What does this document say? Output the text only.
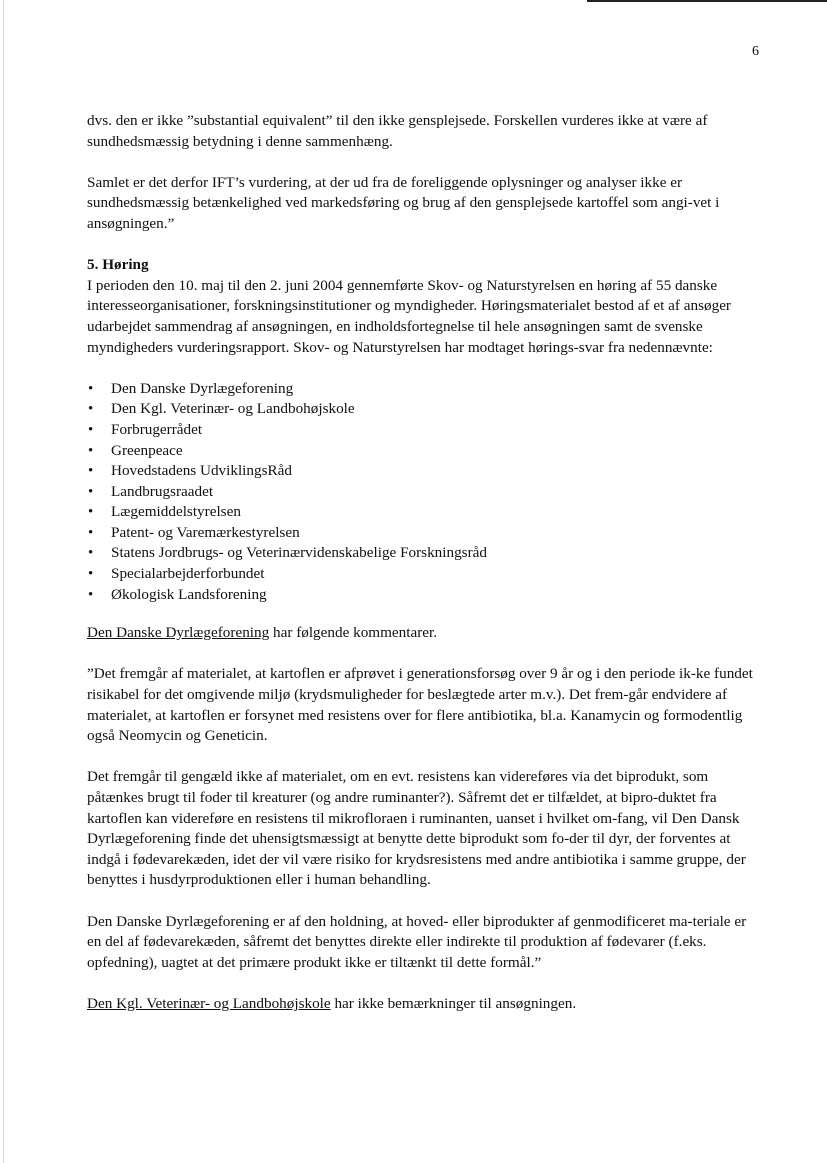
6

dvs. den er ikke ”substantial equivalent” til den ikke gensplejsede. Forskellen vurderes ikke at være af sundhedsmæssig betydning i denne sammenhæng.

Samlet er det derfor IFT’s vurdering, at der ud fra de foreliggende oplysninger og analyser ikke er sundhedsmæssig betænkelighed ved markedsføring og brug af den gensplejsede kartoffel som angi-vet i ansøgningen.”

5. Høring

I perioden den 10. maj til den 2. juni 2004 gennemførte Skov- og Naturstyrelsen en høring af 55 danske interesseorganisationer, forskningsinstitutioner og myndigheder. Høringsmaterialet bestod af et af ansøger udarbejdet sammendrag af ansøgningen, en indholdsfortegnelse til hele ansøgningen samt de svenske myndigheders vurderingsrapport. Skov- og Naturstyrelsen har modtaget hørings-svar fra nedennævnte:

• Den Danske Dyrlægeforening
• Den Kgl. Veterinær- og Landbohøjskole
• Forbrugerrådet
• Greenpeace
• Hovedstadens UdviklingsRåd
• Landbrugsraadet
• Lægemiddelstyrelsen
• Patent- og Varemærkestyrelsen
• Statens Jordbrugs- og Veterinærvidenskabelige Forskningsråd
• Specialarbejderforbundet
• Økologisk Landsforening

Den Danske Dyrlægeforening har følgende kommentarer.

”Det fremgår af materialet, at kartoflen er afprøvet i generationsforsøg over 9 år og i den periode ik-ke fundet risikabel for det omgivende miljø (krydsmuligheder for beslægtede arter m.v.). Det frem-går endvidere af materialet, at kartoflen er forsynet med resistens over for flere antibiotika, bl.a. Kanamycin og formodentlig også Neomycin og Geneticin.

Det fremgår til gengæld ikke af materialet, om en evt. resistens kan videreføres via det biprodukt, som påtænkes brugt til foder til kreaturer (og andre ruminanter?). Såfremt det er tilfældet, at bipro-duktet fra kartoflen kan videreføre en resistens til mikrofloraen i ruminanten, uanset i hvilket om-fang, vil Den Dansk Dyrlægeforening finde det uhensigtsmæssigt at benytte dette biprodukt som fo-der til dyr, der forventes at indgå i fødevarekæden, idet der vil være risiko for krydsresistens med andre antibiotika i samme gruppe, der benyttes i husdyrproduktionen eller i human behandling.

Den Danske Dyrlægeforening er af den holdning, at hoved- eller biprodukter af genmodificeret ma-teriale er en del af fødevarekæden, såfremt det benyttes direkte eller indirekte til produktion af fødevarer (f.eks. opfedning), uagtet at det primære produkt ikke er tiltænkt til dette formål.”

Den Kgl. Veterinær- og Landbohøjskole har ikke bemærkninger til ansøgningen.
